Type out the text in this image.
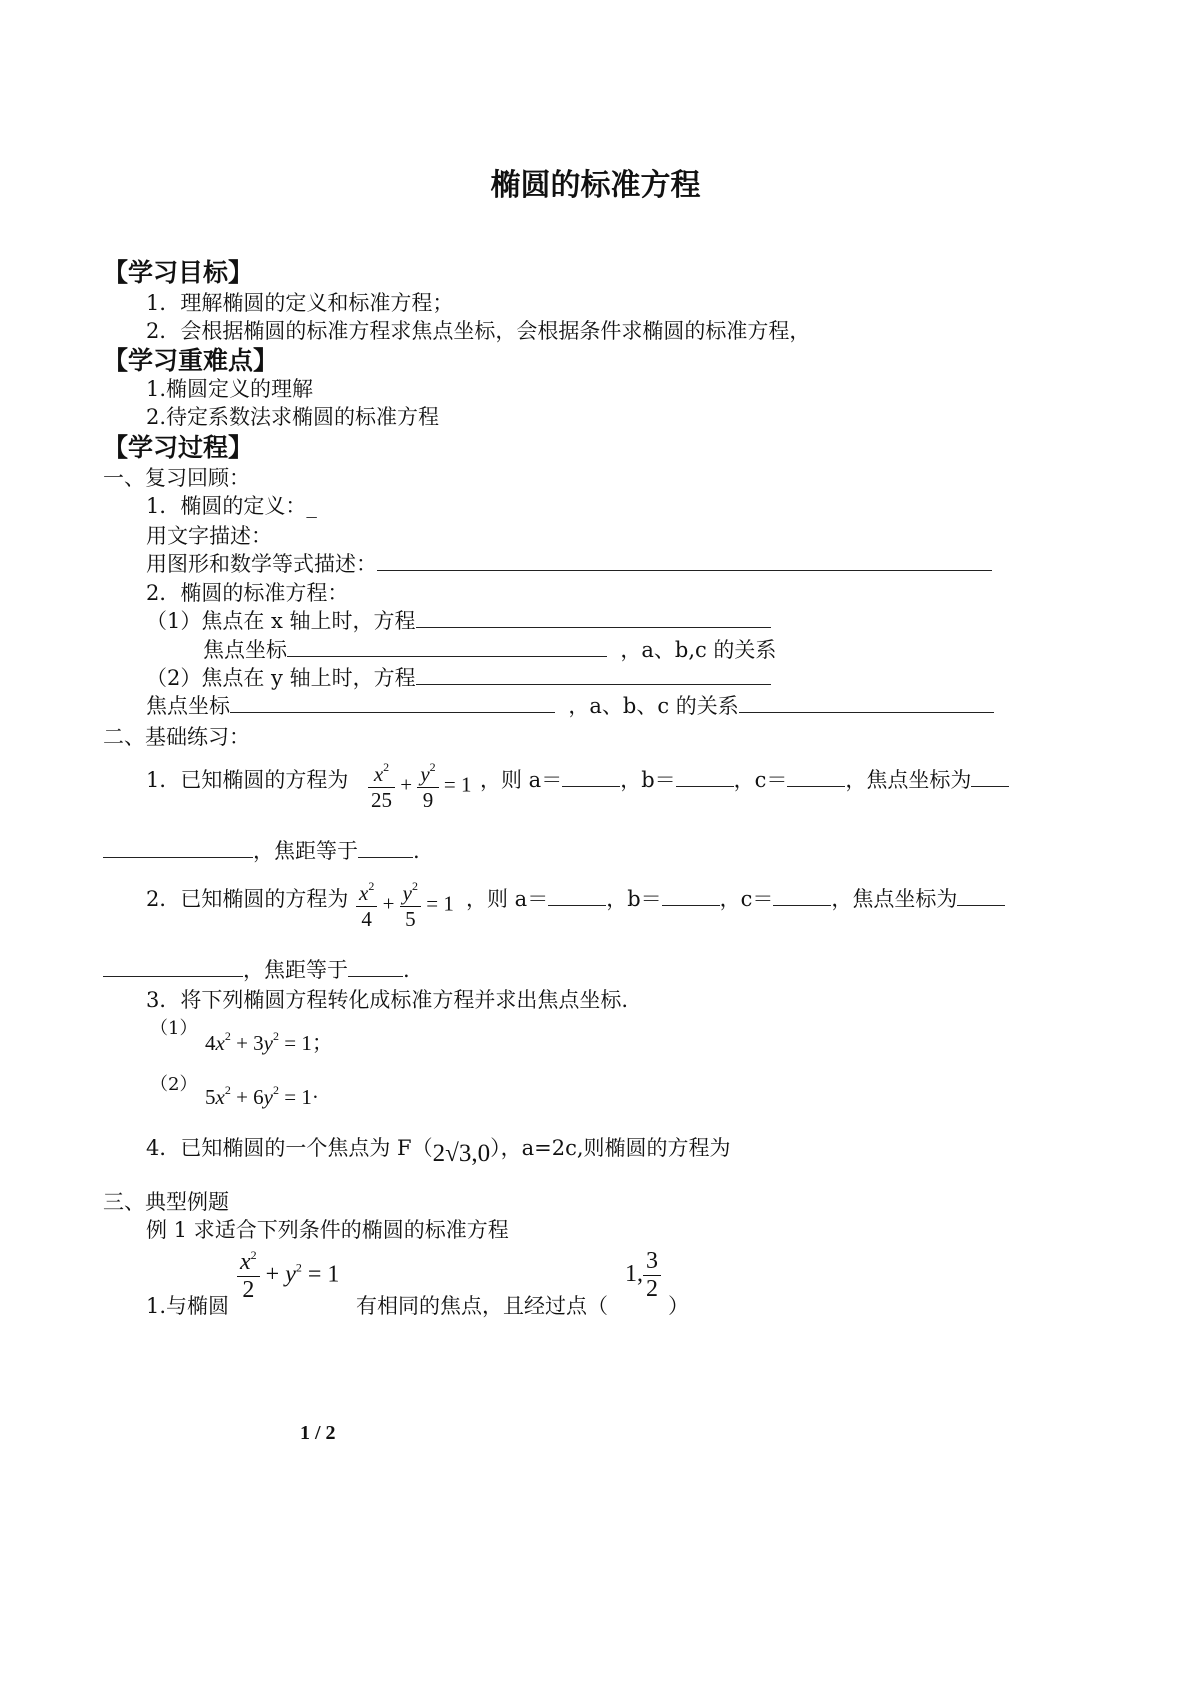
椭圆的标准方程
【学习目标】
1．理解椭圆的定义和标准方程；
2．会根据椭圆的标准方程求焦点坐标，会根据条件求椭圆的标准方程，
【学习重难点】
1.椭圆定义的理解
2.待定系数法求椭圆的标准方程
【学习过程】
一、复习回顾：
1．椭圆的定义：_
用文字描述：
用图形和数学等式描述：
2．椭圆的标准方程：
（1）焦点在 x 轴上时，方程
焦点坐标	，a、b,c 的关系
（2）焦点在 y 轴上时，方程
焦点坐标	，a、b、c 的关系
二、基础练习：
1．已知椭圆的方程为 $\frac{x^2}{25} + \frac{y^2}{9} = 1$ ，则 a＝	，b＝	，c＝	，焦点坐标为
，焦距等于	.
2．已知椭圆的方程为 $\frac{x^2}{4} + \frac{y^2}{5} = 1$ ，则 a＝	，b＝	，c＝	，焦点坐标为
，焦距等于	.
3．将下列椭圆方程转化成标准方程并求出焦点坐标.
（1）
$4x^2 + 3y^2 = 1$；
（2）
$5x^2 + 6y^2 = 1\cdot$
4．已知椭圆的一个焦点为 F（2√3,0），a=2c,则椭圆的方程为
三、典型例题
例 1 求适合下列条件的椭圆的标准方程
1.与椭圆
$\frac{x^2}{2} + y^2 = 1$
有相同的焦点，且经过点（
1, $\frac{3}{2}$
）
1 / 2
